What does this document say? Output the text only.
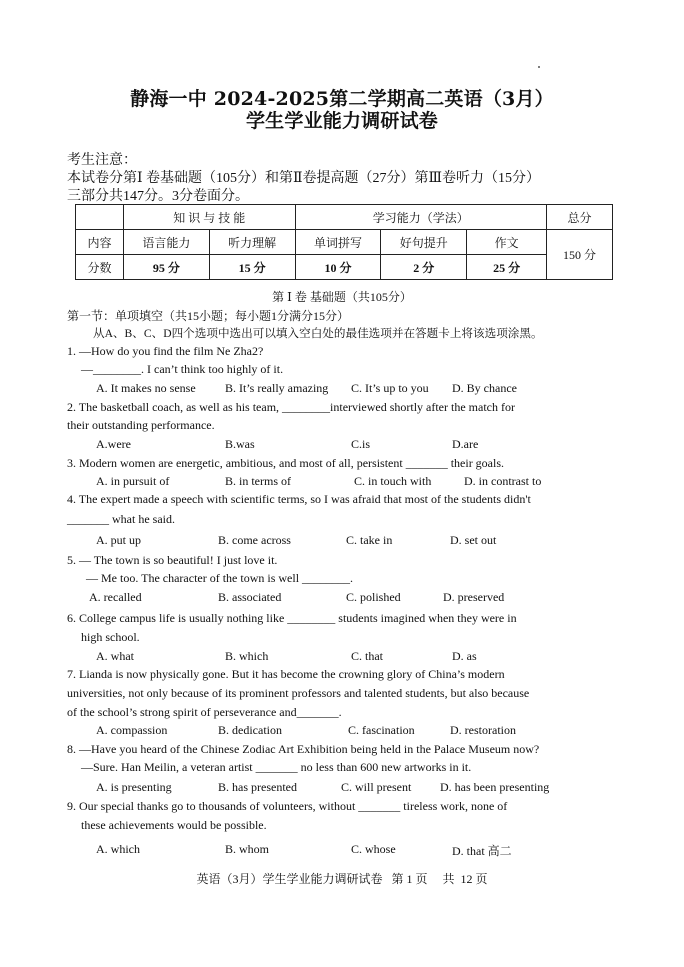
静海一中 2024-2025第二学期高二英语（3月）
学生学业能力调研试卷
考生注意：
本试卷分第Ⅰ 卷基础题（105分）和第Ⅱ卷提高题（27分）第Ⅲ卷听力（15分）
三部分共147分。3分卷面分。
	知 识 与 技 能		学习能力（学法）			总分
内容	语言能力	听力理解	单词拼写	好句提升	作文	150 分
分数	95 分	15 分	10 分	2 分	25 分	
第 Ⅰ 卷 基础题（共105分）
第一节：单项填空（共15小题；每小题1分满分15分）
从A、B、C、D四个选项中选出可以填入空白处的最佳选项并在答题卡上将该选项涂黑。
1. —How do you find the film Ne Zha2?
—________. I can’t think too highly of it.
A. It makes no sense B. It’s really amazing C. It’s up to you D. By chance
2. The basketball coach, as well as his team, ________interviewed shortly after the match for
their outstanding performance.
A.were	B.was	C.is	D.are
3. Modern women are energetic, ambitious, and most of all, persistent _______ their goals.
A. in pursuit of	B. in terms of	C. in touch with	D. in contrast to
4. The expert made a speech with scientific terms, so I was afraid that most of the students didn't
_______ what he said.
A. put up	B. come across	C. take in	D. set out
5. — The town is so beautiful! I just love it.
— Me too. The character of the town is well ________.
A. recalled	B. associated	C. polished	D. preserved
6. College campus life is usually nothing like ________ students imagined when they were in
high school.
A. what	B. which	C. that	D. as
7. Lianda is now physically gone. But it has become the crowning glory of China’s modern
universities, not only because of its prominent professors and talented students, but also because
of the school’s strong spirit of perseverance and_______.
A. compassion	B. dedication	C. fascination	D. restoration
8. —Have you heard of the Chinese Zodiac Art Exhibition being held in the Palace Museum now?
—Sure. Han Meilin, a veteran artist _______ no less than 600 new artworks in it.
A. is presenting	B. has presented	C. will present D. has been presenting
9. Our special thanks go to thousands of volunteers, without _______ tireless work, none of
these achievements would be possible.
A. which	B. whom	C. whose	D. that 高二
英语（3月）学生学业能力调研试卷   第 1 页     共  12 页
